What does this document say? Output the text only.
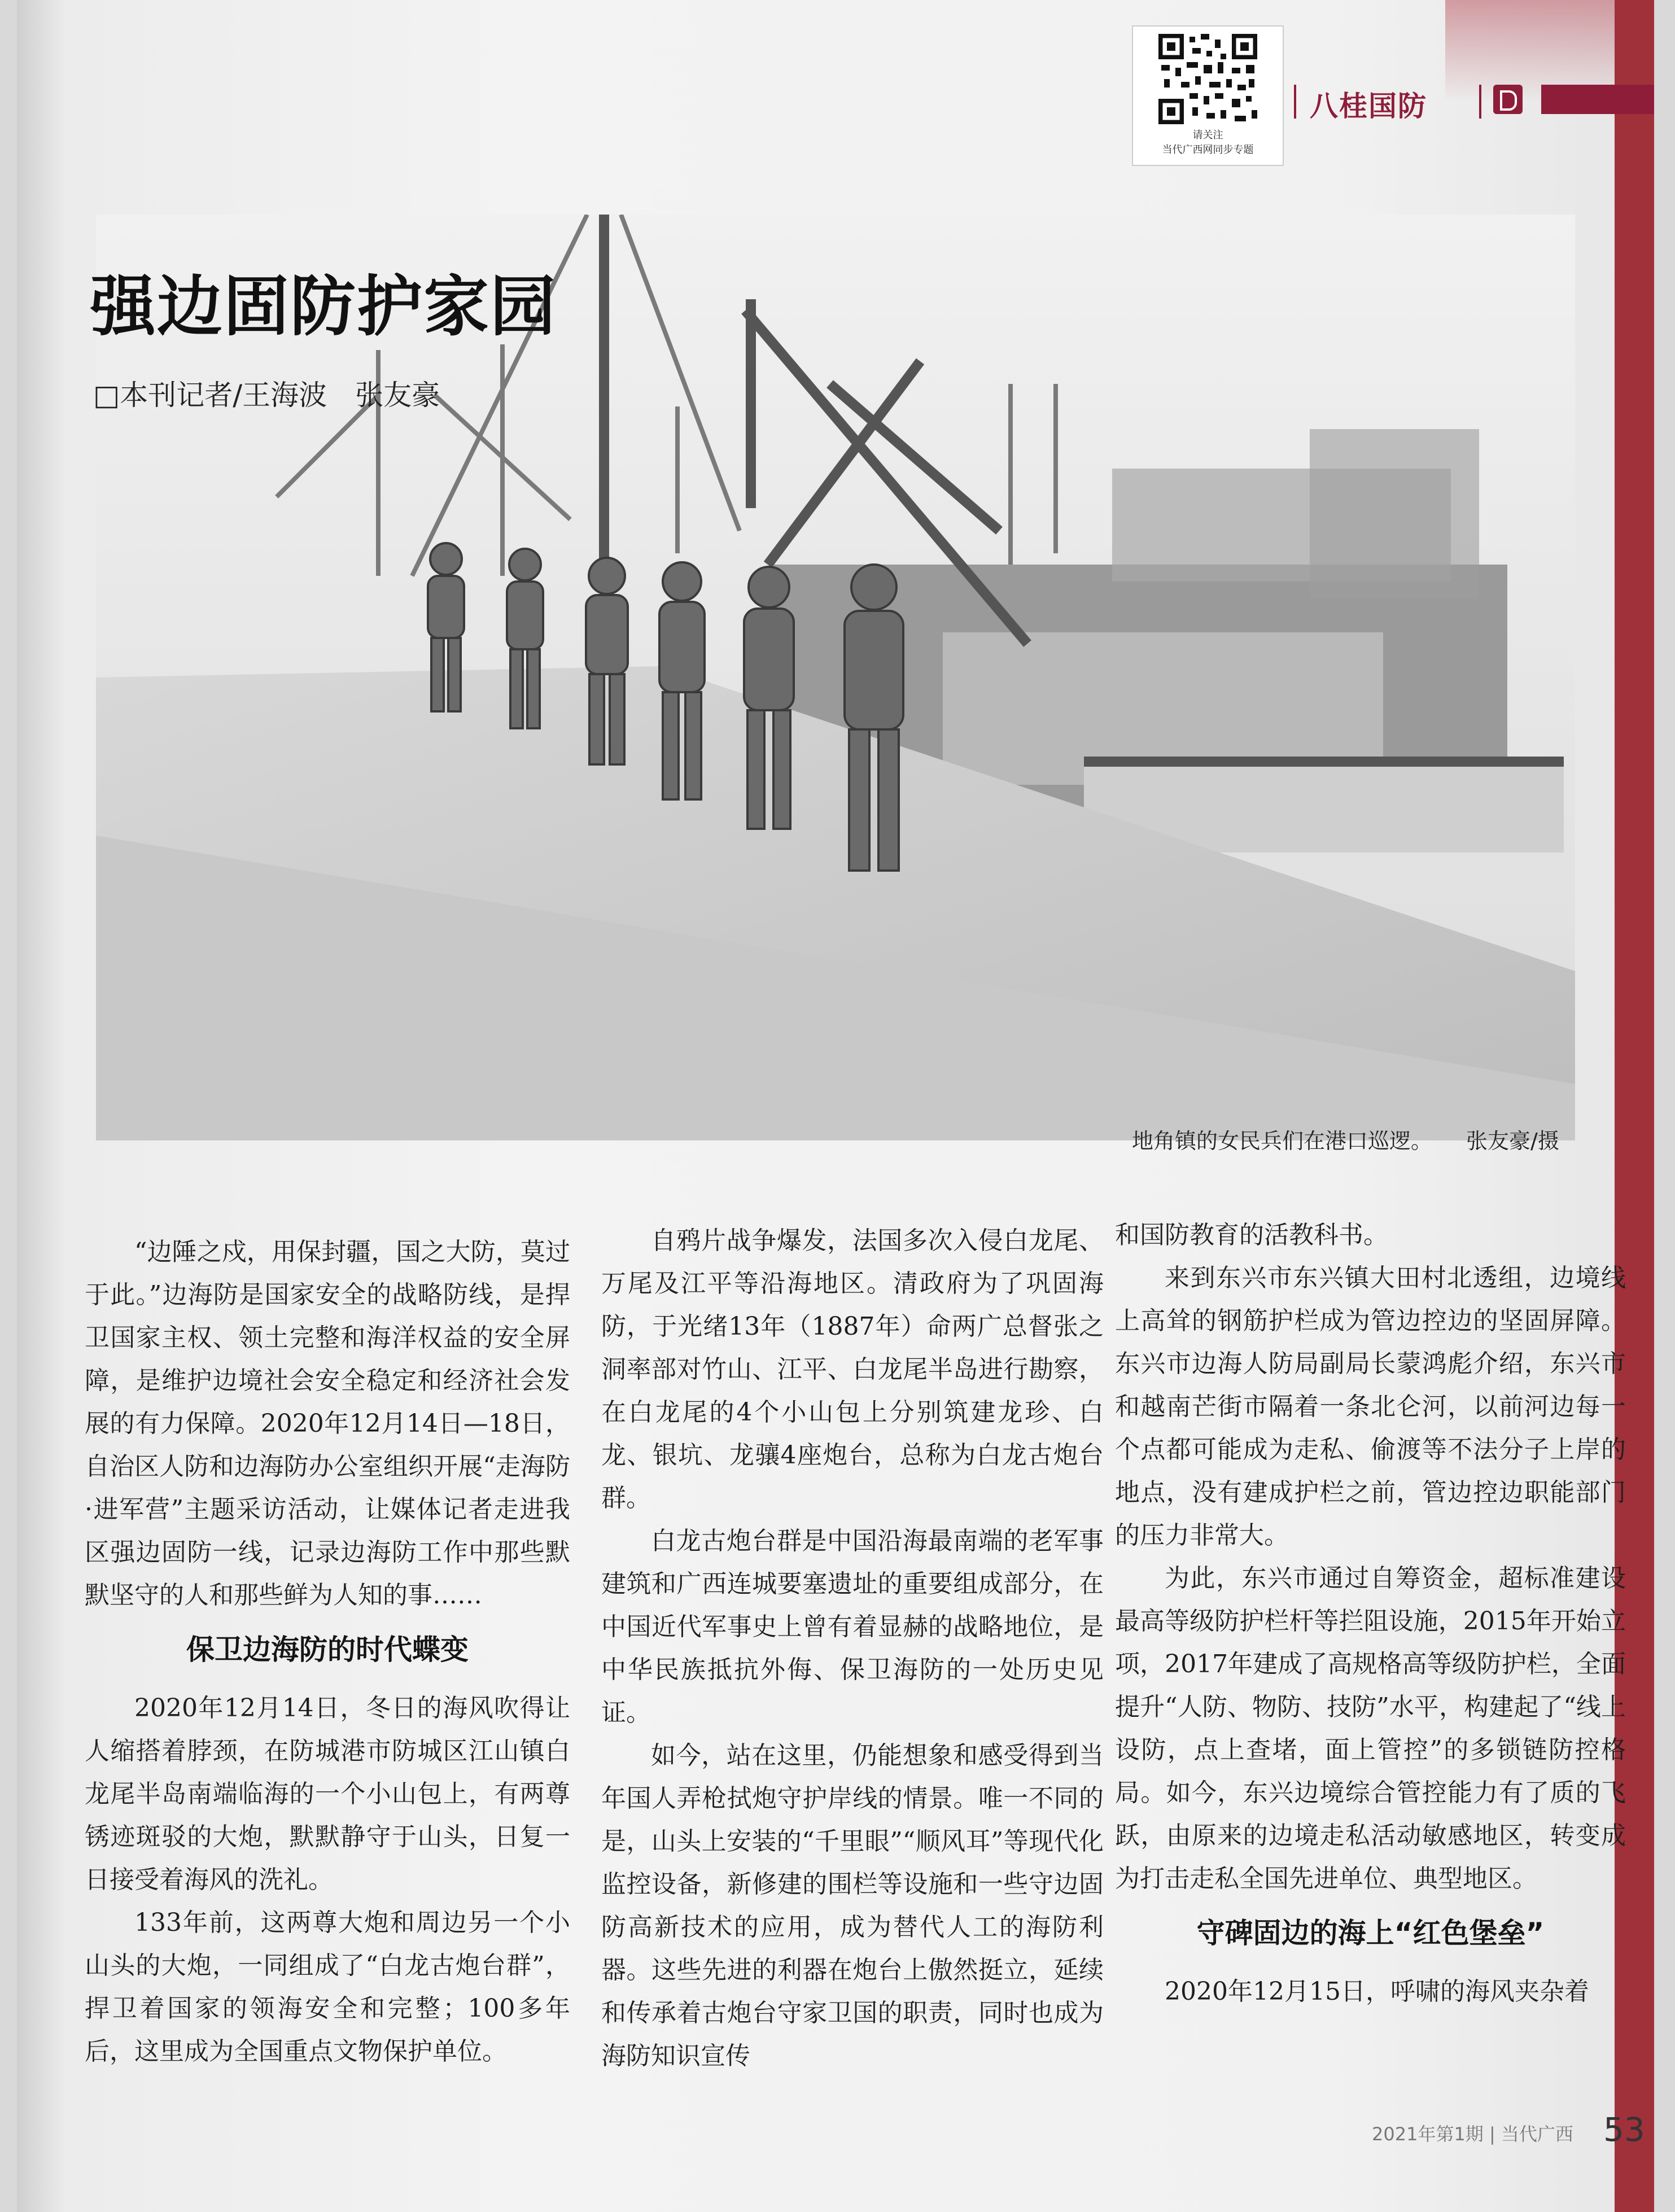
请关注
当代广西网同步专题
八桂国防
强边固防护家园
□本刊记者/王海波　张友豪
地角镇的女民兵们在港口巡逻。 张友豪/摄

“边陲之戍，用保封疆，国之大防，莫过于此。”边海防是国家安全的战略防线，是捍卫国家主权、领土完整和海洋权益的安全屏障，是维护边境社会安全稳定和经济社会发展的有力保障。2020年12月14日—18日，自治区人防和边海防办公室组织开展“走海防·进军营”主题采访活动，让媒体记者走进我区强边固防一线，记录边海防工作中那些默默坚守的人和那些鲜为人知的事……

保卫边海防的时代蝶变

2020年12月14日，冬日的海风吹得让人缩搭着脖颈，在防城港市防城区江山镇白龙尾半岛南端临海的一个小山包上，有两尊锈迹斑驳的大炮，默默静守于山头，日复一日接受着海风的洗礼。

133年前，这两尊大炮和周边另一个小山头的大炮，一同组成了“白龙古炮台群”，捍卫着国家的领海安全和完整；100多年后，这里成为全国重点文物保护单位。

自鸦片战争爆发，法国多次入侵白龙尾、万尾及江平等沿海地区。清政府为了巩固海防，于光绪13年（1887年）命两广总督张之洞率部对竹山、江平、白龙尾半岛进行勘察，在白龙尾的4个小山包上分别筑建龙珍、白龙、银坑、龙骧4座炮台，总称为白龙古炮台群。

白龙古炮台群是中国沿海最南端的老军事建筑和广西连城要塞遗址的重要组成部分，在中国近代军事史上曾有着显赫的战略地位，是中华民族抵抗外侮、保卫海防的一处历史见证。

如今，站在这里，仍能想象和感受得到当年国人弄枪拭炮守护岸线的情景。唯一不同的是，山头上安装的“千里眼”“顺风耳”等现代化监控设备，新修建的围栏等设施和一些守边固防高新技术的应用，成为替代人工的海防利器。这些先进的利器在炮台上傲然挺立，延续和传承着古炮台守家卫国的职责，同时也成为海防知识宣传

和国防教育的活教科书。

来到东兴市东兴镇大田村北透组，边境线上高耸的钢筋护栏成为管边控边的坚固屏障。东兴市边海人防局副局长蒙鸿彪介绍，东兴市和越南芒街市隔着一条北仑河，以前河边每一个点都可能成为走私、偷渡等不法分子上岸的地点，没有建成护栏之前，管边控边职能部门的压力非常大。

为此，东兴市通过自筹资金，超标准建设最高等级防护栏杆等拦阻设施，2015年开始立项，2017年建成了高规格高等级防护栏，全面提升“人防、物防、技防”水平，构建起了“线上设防，点上查堵，面上管控”的多锁链防控格局。如今，东兴边境综合管控能力有了质的飞跃，由原来的边境走私活动敏感地区，转变成为打击走私全国先进单位、典型地区。

守碑固边的海上“红色堡垒”

2020年12月15日，呼啸的海风夹杂着

2021年第1期 | 当代广西 53
